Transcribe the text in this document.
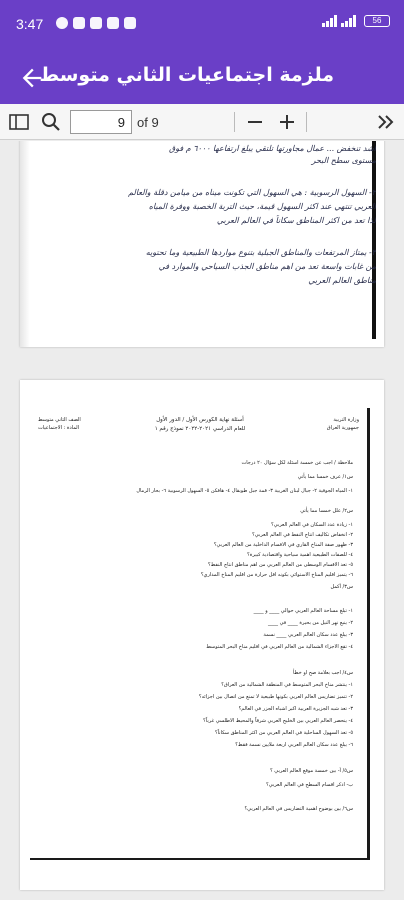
3:47	56
ملزمة اجتماعيات الثاني متوسط
9
of 9
اشد تنخفض ... عمال مجاورتها تلتقي يبلغ ارتفاعها ٦٠٠٠ م فوق
مستوى سطح البحر
٢- السهول الرسوبية : هي السهول التي تكونت ميناه من ميامن دقلة والعالم
العربي تنتهي عند اكثر السهول قيمة، حيث التربة الخصبة ووفرة المياه
لذا تعد من اكثر المناطق سكاناً في العالم العربي
٣- يمتاز المرتفعات والمناطق الجبلية بتنوع مواردها الطبيعية وما تحتويه
من غابات واسعة تعد من اهم مناطق الجذب السياحي والموارد في
مناطق العالم العربي
وزارة التربية
جمهورية العراق
أسئلة نهاية الكورس الأول / الدور الأول
للعام الدراسي ٢٠٢١-٢٠٢٢ نموذج رقم ١
الصف الثاني متوسط
المادة : الاجتماعيات
ملاحظة / اجب عن خمسة اسئلة لكل سؤال ٢٠ درجات
س١/ عرف خمسا مما يأتي
١- المياه الجوفية ٢- جبال لبنان الغربية ٣- قمة جبل طوبقال ٤- هافكن ٥- السهول الرسوبية ٦- بحار الرمال
س٢/ علل خمسا مما يأتي
١- زيادة عدد السكان في العالم العربي؟
٢- انخفاض تكاليف انتاج النفط في العالم العربي؟
٣- ظهور صفة المناخ القاري في الاقسام الداخلية من العالم العربي؟
٤- للصفات الطبيعية اهمية سياحية واقتصادية كبيرة؟
٥- تعد الاقسام الوسطى من العالم العربي من اهم مناطق انتاج النفط؟
٦- يتميز اقليم المناخ الاستوائي بكونه اقل حرارة من اقليم المناخ المداري؟
س٣/ أكمل
١- تبلغ مساحة العالم العربي حوالي ____ و ____
٢- ينبع نهر النيل من بحيرة ____ في ____
٣- يبلغ عدد سكان العالم العربي ____ نسمة
٤- تقع الاجزاء الشمالية من العالم العربي في اقليم مناخ البحر المتوسط
س٤/ اجب بعلامة صح او خطأ
١- ينتشر مناخ البحر المتوسط في المنطقة الشمالية من العراق؟
٢- تتميز تضاريس العالم العربي بكونها طبيعية لا تمنع من اتصال بين اجزائه؟
٣- تعد شبه الجزيرة العربية اكبر اشباه الجزر في العالم؟
٤- ينحصر العالم العربي بين الخليج العربي شرقاً والمحيط الاطلسي غرباً؟
٥- تعد السهول الساحلية في العالم العربي من اكثر المناطق سكاناً؟
٦- يبلغ عدد سكان العالم العربي اربعة ملايين نسمة فقط؟
س٥/ أ- بين خمسة موقع العالم العربي ؟
ب- اذكر اقسام السطح في العالم العربي؟
س٦/ بين بوضوح اهمية التضاريس في العالم العربي؟
